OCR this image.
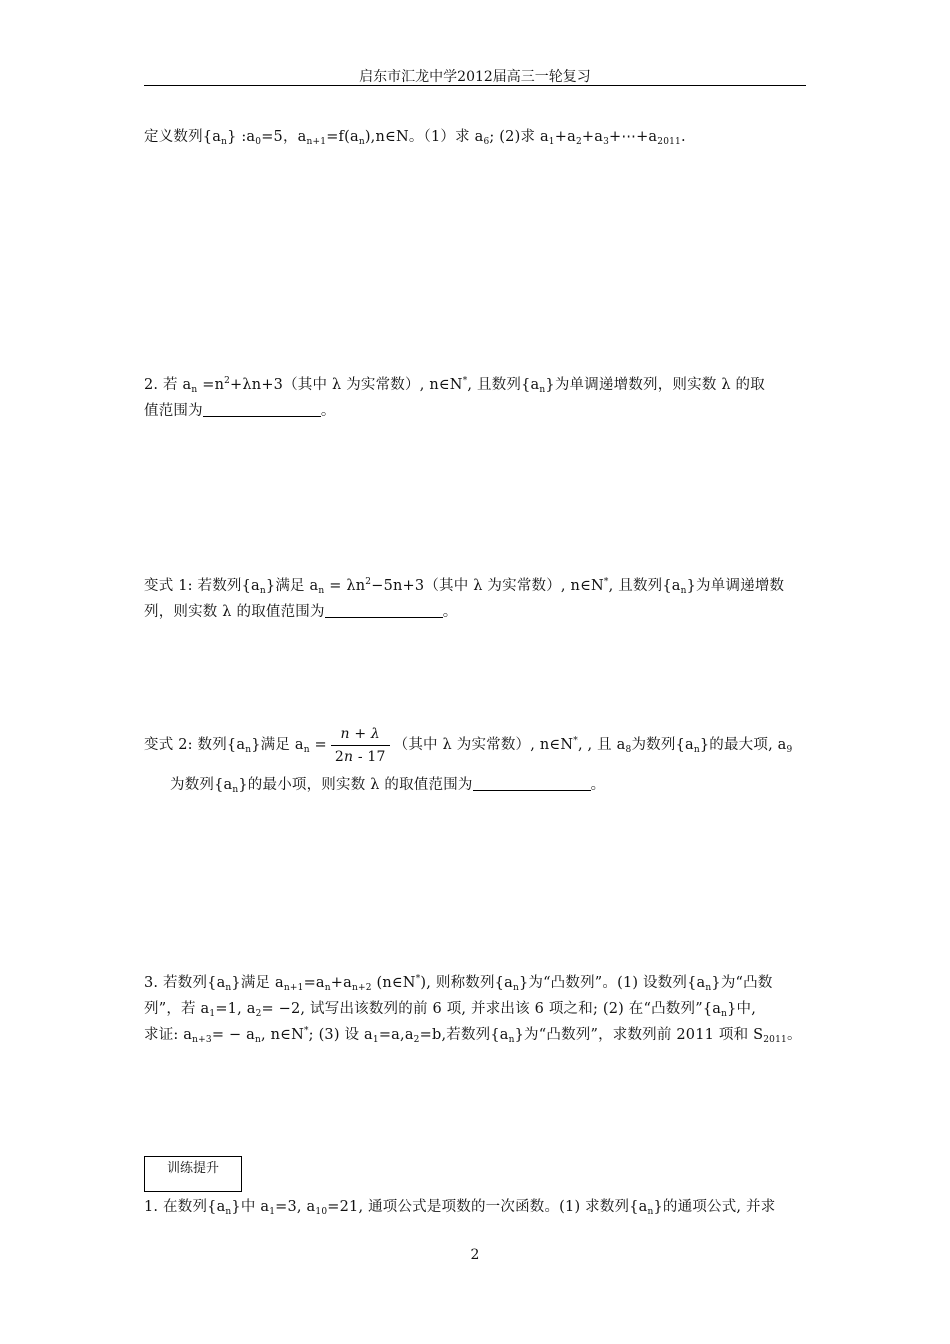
启东市汇龙中学2012届高三一轮复习
定义数列$\{a_n\}$ $:a_0=5$，$a_{n+1}=f(a_n),n\in N$。（1）求 $a_6$; (2)求 $a_1+a_2+a_3+\cdots+a_{2011}$.
2. 若 $a_n =n^2+\lambda n+3$（其中 λ 为实常数）, n∈N*, 且数列$\{a_n\}$为单调递增数列，则实数 λ 的取
值范围为	。
变式 1: 若数列$\{a_n\}$满足 $a_n = \lambda n^2-5n+3$（其中 λ 为实常数）, n∈N*, 且数列$\{a_n\}$为单调递增数
列，则实数 λ 的取值范围为	。
变式 2: 数列$\{a_n\}$满足 $a_n = \frac{n + \lambda}{2n - 17}$ （其中 λ 为实常数）, n∈N*, , 且 $a_8$为数列$\{a_n\}$的最大项, $a_9$
为数列$\{a_n\}$的最小项，则实数 λ 的取值范围为	。
3. 若数列$\{a_n\}$满足 $a_{n+1}=a_n+a_{n+2}$ (n∈N*), 则称数列$\{a_n\}$为“凸数列”。(1) 设数列$\{a_n\}$为“凸数
列”，若 $a_1=1$, $a_2= -2$, 试写出该数列的前 6 项, 并求出该 6 项之和; (2) 在“凸数列$”\{a_n\}$中,
求证: $a_{n+3}= - a_n$, n∈N*; (3) 设 $a_1=a,a_2=b$,若数列$\{a_n\}$为“凸数列”，求数列前 2011 项和 $S_{2011}$。
训练提升
1. 在数列$\{a_n\}$中 $a_1=3$, $a_{10}=21$, 通项公式是项数的一次函数。(1) 求数列$\{a_n\}$的通项公式, 并求
2
